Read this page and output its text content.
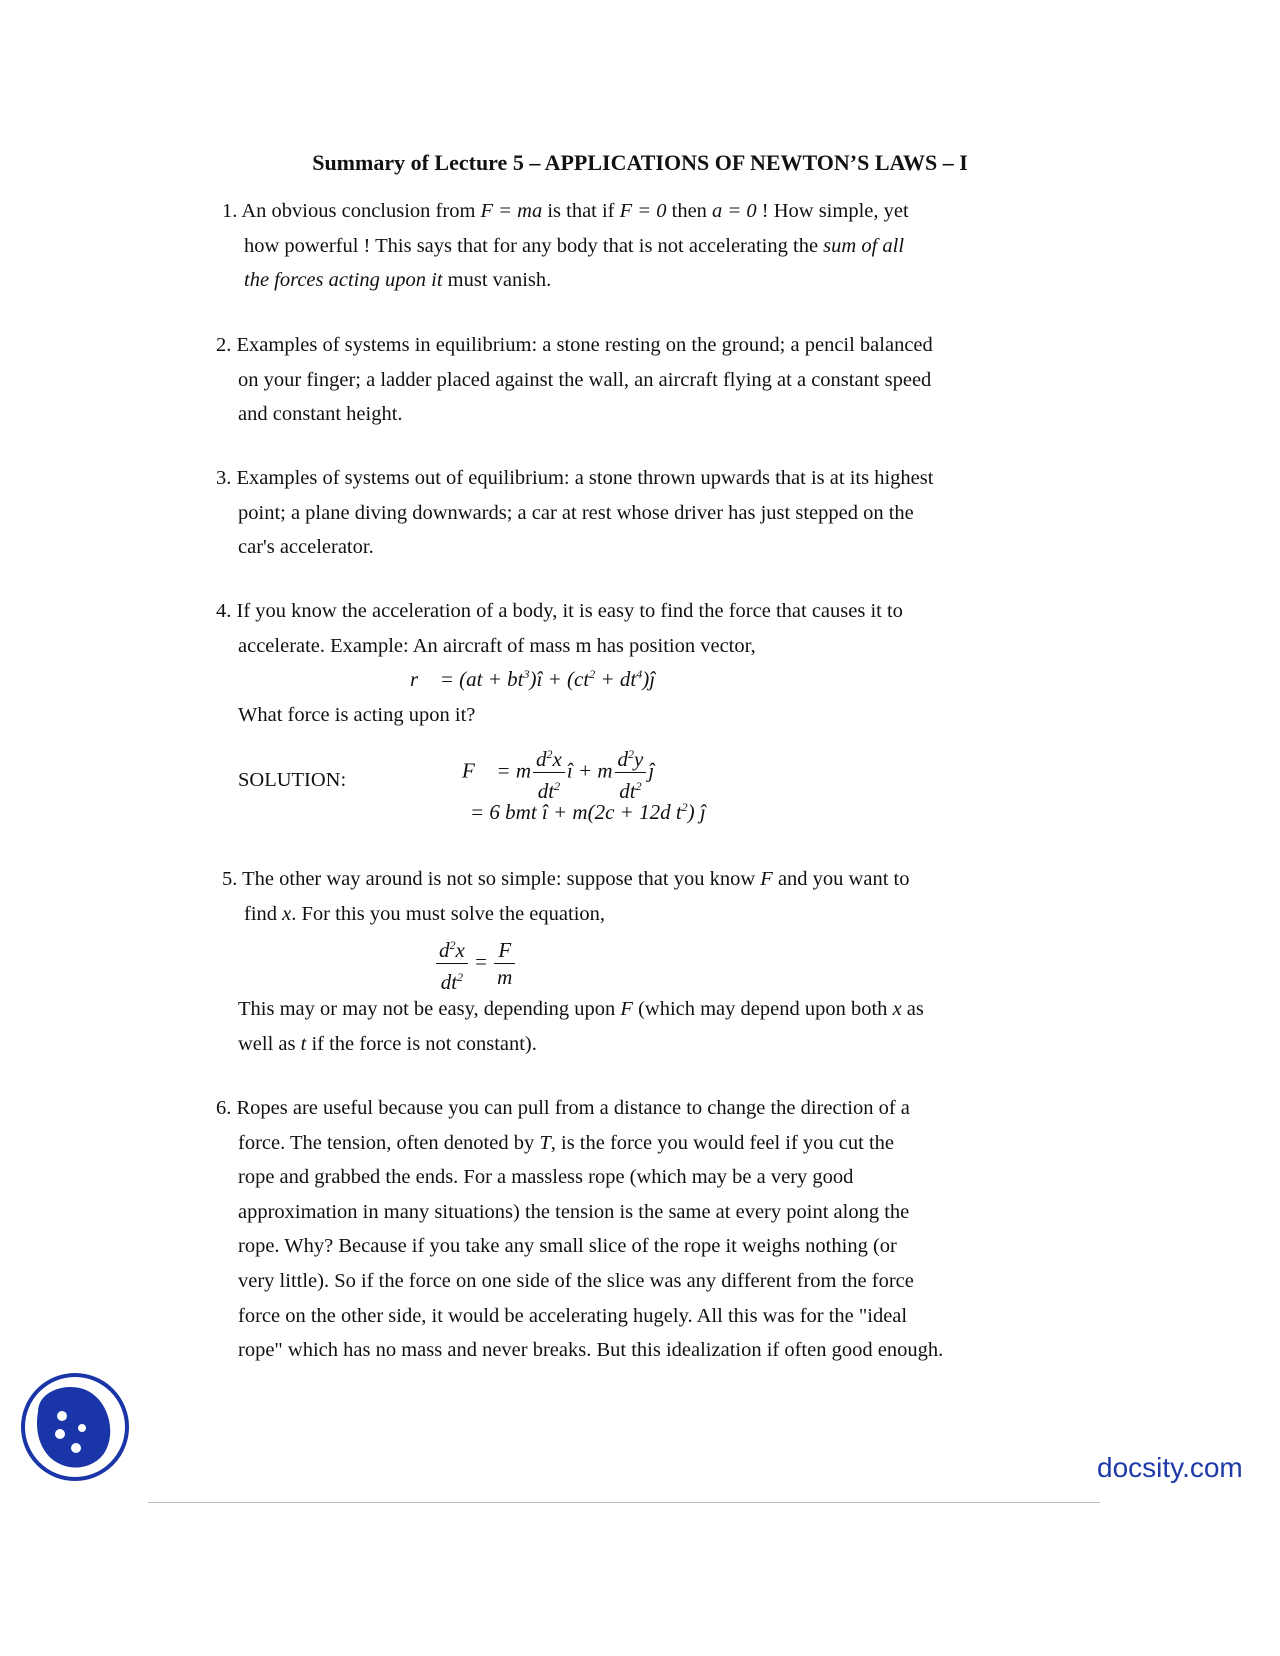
Summary of Lecture 5 – APPLICATIONS OF NEWTON’S LAWS – I
1. An obvious conclusion from F = ma is that if F = 0 then a = 0 ! How simple, yet
how powerful ! This says that for any body that is not accelerating the sum of all
the forces acting upon it must vanish.
2. Examples of systems in equilibrium: a stone resting on the ground; a pencil balanced
on your finger; a ladder placed against the wall, an aircraft flying at a constant speed
and constant height.
3. Examples of systems out of equilibrium: a stone thrown upwards that is at its highest
point; a plane diving downwards; a car at rest whose driver has just stepped on the
car's accelerator.
4. If you know the acceleration of a body, it is easy to find the force that causes it to
accelerate. Example: An aircraft of mass m has position vector,
r⃗ = $(at + bt^3)î + (ct^2$ + $dt^4)ĵ$
What force is acting upon it?
SOLUTION:	F⃗ = m $\frac{d^2x}{dt^2}$ î + m $\frac{d^2y}{dt^2}$ ĵ
= 6 bmt î + m(2c + 12d $t^2$) ĵ
5. The other way around is not so simple: suppose that you know F and you want to
find x. For this you must solve the equation,
$\frac{d^2x}{dt^2} = \frac{F}{m}$
This may or may not be easy, depending upon F (which may depend upon both x as
well as t if the force is not constant).
6. Ropes are useful because you can pull from a distance to change the direction of a
force. The tension, often denoted by T, is the force you would feel if you cut the
rope and grabbed the ends. For a massless rope (which may be a very good
approximation in many situations) the tension is the same at every point along the
rope. Why? Because if you take any small slice of the rope it weighs nothing (or
very little). So if the force on one side of the slice was any different from the force
force on the other side, it would be accelerating hugely. All this was for the "ideal
rope" which has no mass and never breaks. But this idealization if often good enough.
docsity.com
